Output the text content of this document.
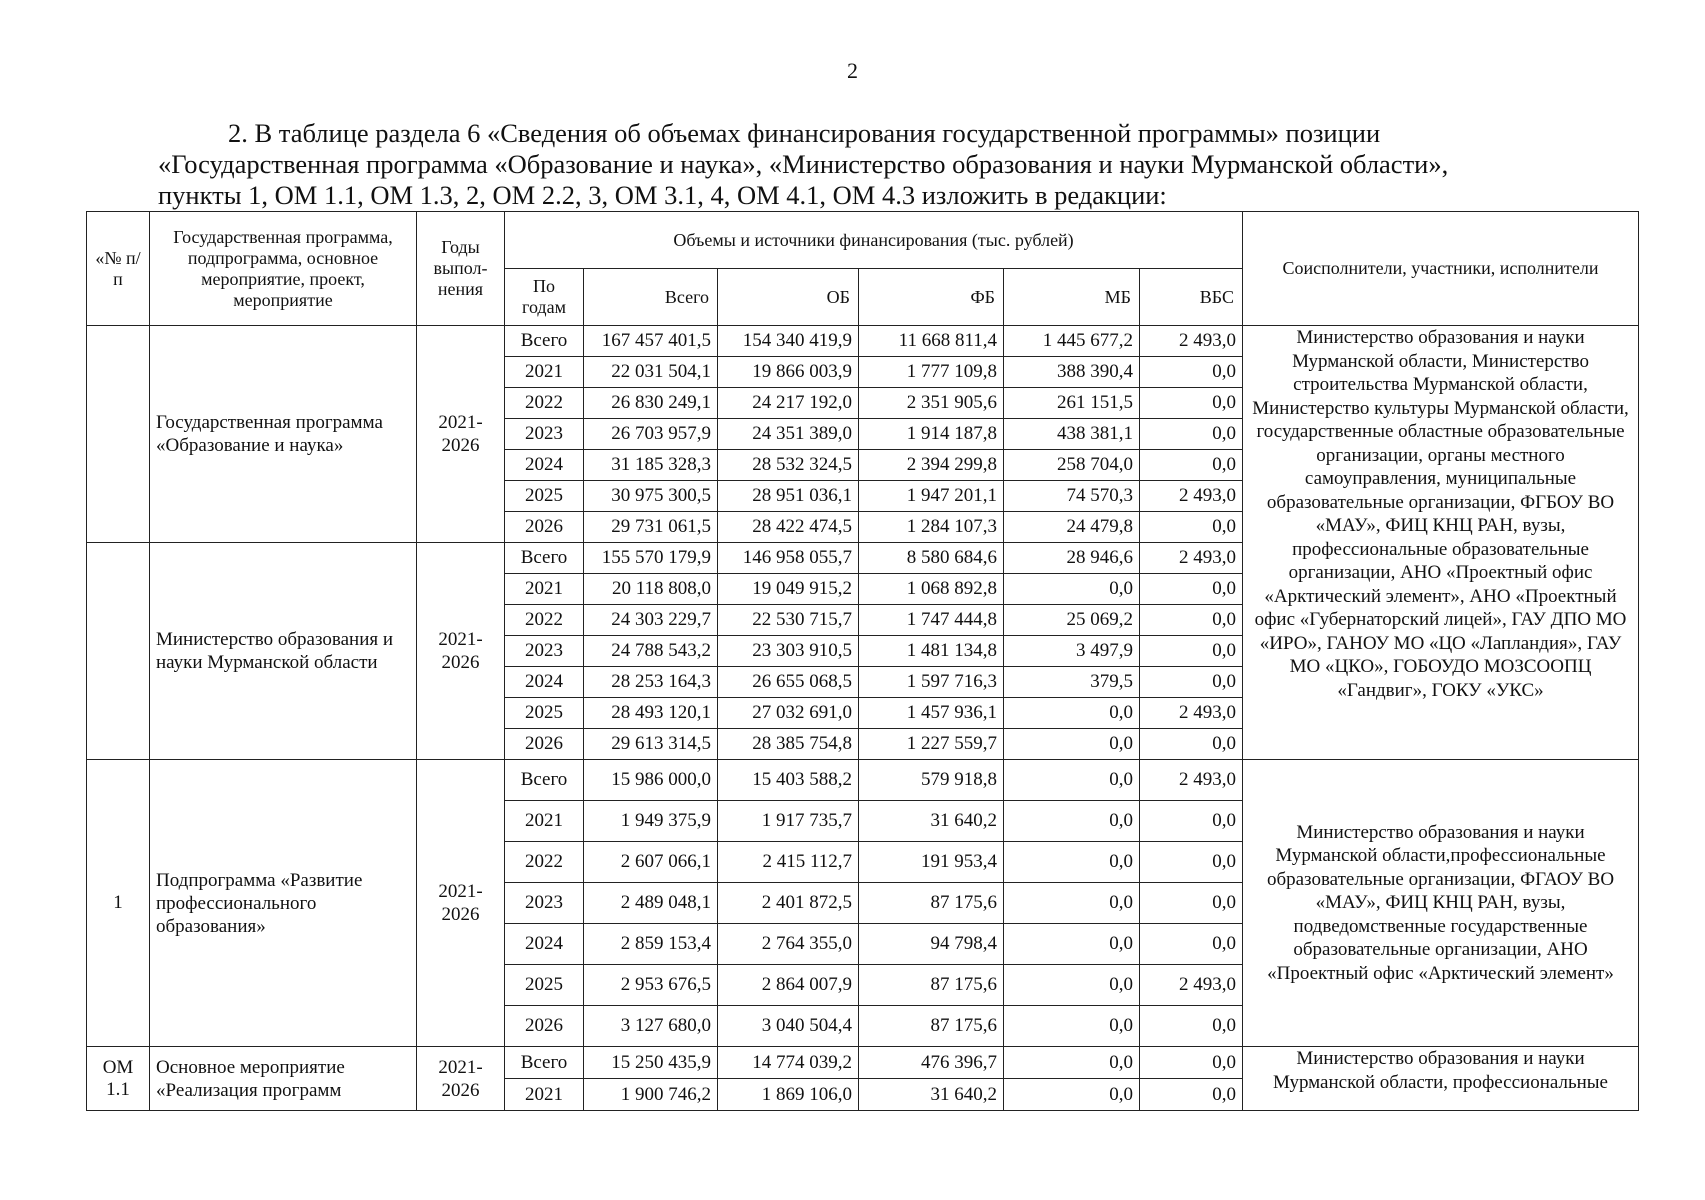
2
2. В таблице раздела 6 «Сведения об объемах финансирования государственной программы» позиции
«Государственная программа «Образование и наука», «Министерство образования и науки Мурманской области»,
пункты 1, ОМ 1.1, ОМ 1.3, 2, ОМ 2.2, 3, ОМ 3.1, 4, ОМ 4.1, ОМ 4.3 изложить в редакции:
«№ п/п	Государственная программа, подпрограмма, основное мероприятие, проект, мероприятие	Годы выпол-нения	Объемы и источники финансирования (тыс. рублей)						Соисполнители, участники, исполнители
			По годам	Всего	ОБ	ФБ	МБ	ВБС	
	Государственная программа «Образование и наука»	2021-2026	Всего	167 457 401,5	154 340 419,9	11 668 811,4	1 445 677,2	2 493,0	Министерство образования и науки Мурманской области, Министерство строительства Мурманской области, Министерство культуры Мурманской области, государственные областные образовательные организации, органы местного самоуправления, муниципальные образовательные организации, ФГБОУ ВО «МАУ», ФИЦ КНЦ РАН, вузы, профессиональные образовательные организации, АНО «Проектный офис «Арктический элемент», АНО «Проектный офис «Губернаторский лицей», ГАУ ДПО МО «ИРО», ГАНОУ МО «ЦО «Лапландия», ГАУ МО «ЦКО», ГОБОУДО МОЗСООПЦ «Гандвиг», ГОКУ «УКС»
			2021	22 031 504,1	19 866 003,9	1 777 109,8	388 390,4	0,0	
			2022	26 830 249,1	24 217 192,0	2 351 905,6	261 151,5	0,0	
			2023	26 703 957,9	24 351 389,0	1 914 187,8	438 381,1	0,0	
			2024	31 185 328,3	28 532 324,5	2 394 299,8	258 704,0	0,0	
			2025	30 975 300,5	28 951 036,1	1 947 201,1	74 570,3	2 493,0	
			2026	29 731 061,5	28 422 474,5	1 284 107,3	24 479,8	0,0	
	Министерство образования и науки Мурманской области	2021-2026	Всего	155 570 179,9	146 958 055,7	8 580 684,6	28 946,6	2 493,0	
			2021	20 118 808,0	19 049 915,2	1 068 892,8	0,0	0,0	
			2022	24 303 229,7	22 530 715,7	1 747 444,8	25 069,2	0,0	
			2023	24 788 543,2	23 303 910,5	1 481 134,8	3 497,9	0,0	
			2024	28 253 164,3	26 655 068,5	1 597 716,3	379,5	0,0	
			2025	28 493 120,1	27 032 691,0	1 457 936,1	0,0	2 493,0	
			2026	29 613 314,5	28 385 754,8	1 227 559,7	0,0	0,0	
1	Подпрограмма «Развитие профессионального образования»	2021-2026	Всего	15 986 000,0	15 403 588,2	579 918,8	0,0	2 493,0	Министерство образования и науки Мурманской области,профессиональные образовательные организации, ФГАОУ ВО «МАУ», ФИЦ КНЦ РАН, вузы, подведомственные государственные образовательные организации, АНО «Проектный офис «Арктический элемент»
			2021	1 949 375,9	1 917 735,7	31 640,2	0,0	0,0	
			2022	2 607 066,1	2 415 112,7	191 953,4	0,0	0,0	
			2023	2 489 048,1	2 401 872,5	87 175,6	0,0	0,0	
			2024	2 859 153,4	2 764 355,0	94 798,4	0,0	0,0	
			2025	2 953 676,5	2 864 007,9	87 175,6	0,0	2 493,0	
			2026	3 127 680,0	3 040 504,4	87 175,6	0,0	0,0	
ОМ 1.1	Основное мероприятие «Реализация программ	2021-2026	Всего	15 250 435,9	14 774 039,2	476 396,7	0,0	0,0	Министерство образования и науки Мурманской области, профессиональные
			2021	1 900 746,2	1 869 106,0	31 640,2	0,0	0,0	
